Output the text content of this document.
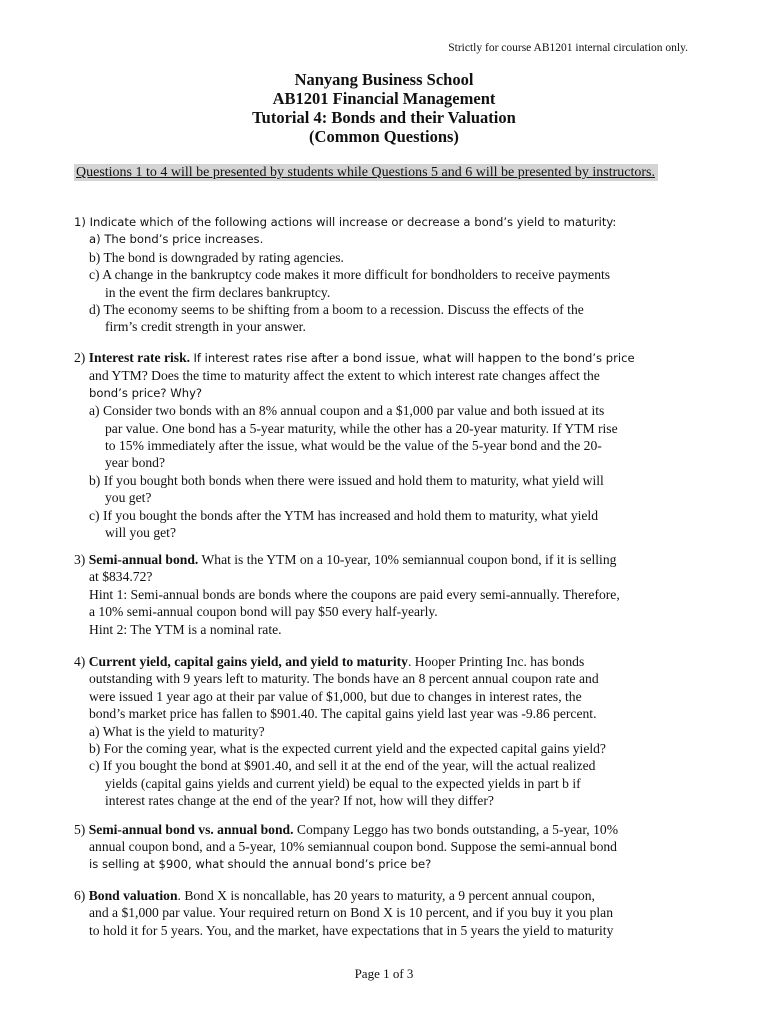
Strictly for course AB1201 internal circulation only.
Nanyang Business School
AB1201 Financial Management
Tutorial 4: Bonds and their Valuation
(Common Questions)
Questions 1 to 4 will be presented by students while Questions 5 and 6 will be presented by instructors.
1) Indicate which of the following actions will increase or decrease a bond’s yield to maturity:
a) The bond’s price increases.
b) The bond is downgraded by rating agencies.
c) A change in the bankruptcy code makes it more difficult for bondholders to receive payments
in the event the firm declares bankruptcy.
d) The economy seems to be shifting from a boom to a recession. Discuss the effects of the
firm’s credit strength in your answer.
2) Interest rate risk. If interest rates rise after a bond issue, what will happen to the bond’s price
and YTM? Does the time to maturity affect the extent to which interest rate changes affect the
bond’s price? Why?
a) Consider two bonds with an 8% annual coupon and a $1,000 par value and both issued at its
par value. One bond has a 5-year maturity, while the other has a 20-year maturity. If YTM rise
to 15% immediately after the issue, what would be the value of the 5-year bond and the 20-
year bond?
b) If you bought both bonds when there were issued and hold them to maturity, what yield will
you get?
c) If you bought the bonds after the YTM has increased and hold them to maturity, what yield
will you get?
3) Semi-annual bond. What is the YTM on a 10-year, 10% semiannual coupon bond, if it is selling
at $834.72?
Hint 1: Semi-annual bonds are bonds where the coupons are paid every semi-annually. Therefore,
a 10% semi-annual coupon bond will pay $50 every half-yearly.
Hint 2: The YTM is a nominal rate.
4) Current yield, capital gains yield, and yield to maturity. Hooper Printing Inc. has bonds
outstanding with 9 years left to maturity. The bonds have an 8 percent annual coupon rate and
were issued 1 year ago at their par value of $1,000, but due to changes in interest rates, the
bond’s market price has fallen to $901.40. The capital gains yield last year was -9.86 percent.
a) What is the yield to maturity?
b) For the coming year, what is the expected current yield and the expected capital gains yield?
c) If you bought the bond at $901.40, and sell it at the end of the year, will the actual realized
yields (capital gains yields and current yield) be equal to the expected yields in part b if
interest rates change at the end of the year? If not, how will they differ?
5) Semi-annual bond vs. annual bond. Company Leggo has two bonds outstanding, a 5-year, 10%
annual coupon bond, and a 5-year, 10% semiannual coupon bond. Suppose the semi-annual bond
is selling at $900, what should the annual bond’s price be?
6) Bond valuation. Bond X is noncallable, has 20 years to maturity, a 9 percent annual coupon,
and a $1,000 par value. Your required return on Bond X is 10 percent, and if you buy it you plan
to hold it for 5 years. You, and the market, have expectations that in 5 years the yield to maturity
Page 1 of 3
